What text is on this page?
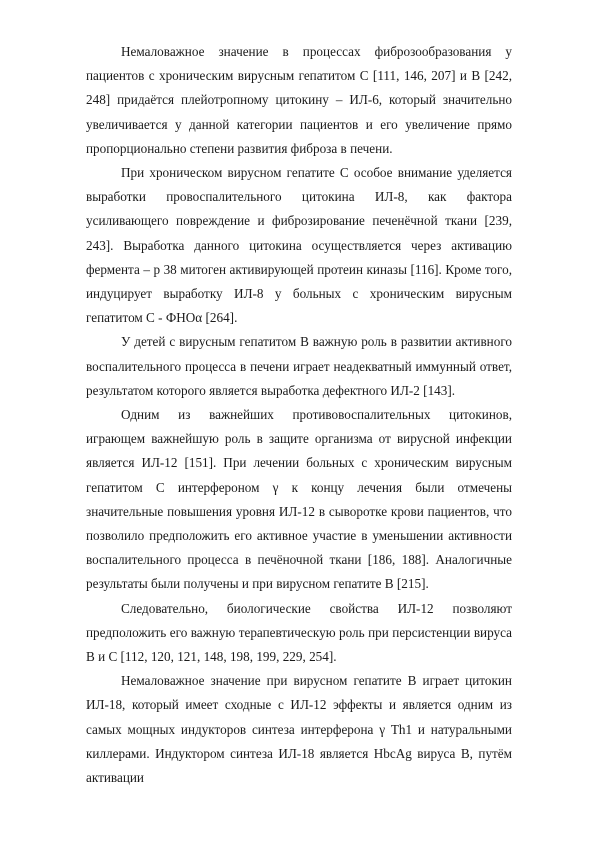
Немаловажное значение в процессах фиброзообразования у пациентов с хроническим вирусным гепатитом С [111, 146, 207] и В [242, 248] придаётся плейотропному цитокину – ИЛ-6, который значительно увеличивается у данной категории пациентов и его увеличение прямо пропорционально степени развития фиброза в печени.

При хроническом вирусном гепатите С особое внимание уделяется выработки провоспалительного цитокина ИЛ-8, как фактора усиливающего повреждение и фиброзирование печенёчной ткани [239, 243]. Выработка данного цитокина осуществляется через активацию фермента – р 38 митоген активирующей протеин киназы [116]. Кроме того, индуцирует выработку ИЛ-8 у больных с хроническим вирусным гепатитом С - ФНОα [264].

У детей с вирусным гепатитом В важную роль в развитии активного воспалительного процесса в печени играет неадекватный иммунный ответ, результатом которого является выработка дефектного ИЛ-2 [143].

Одним из важнейших противовоспалительных цитокинов, играющем важнейшую роль в защите организма от вирусной инфекции является ИЛ-12 [151]. При лечении больных с хроническим вирусным гепатитом С интерфероном γ к концу лечения были отмечены значительные повышения уровня ИЛ-12 в сыворотке крови пациентов, что позволило предположить его активное участие в уменьшении активности воспалительного процесса в печёночной ткани [186, 188]. Аналогичные результаты были получены и при вирусном гепатите В [215].

Следовательно, биологические свойства ИЛ-12 позволяют предположить его важную терапевтическую роль при персистенции вируса В и С [112, 120, 121, 148, 198, 199, 229, 254].

Немаловажное значение при вирусном гепатите В играет цитокин ИЛ-18, который имеет сходные с ИЛ-12 эффекты и является одним из самых мощных индукторов синтеза интерферона γ Th1 и натуральными киллерами. Индуктором синтеза ИЛ-18 является HbcAg вируса В, путём активации
